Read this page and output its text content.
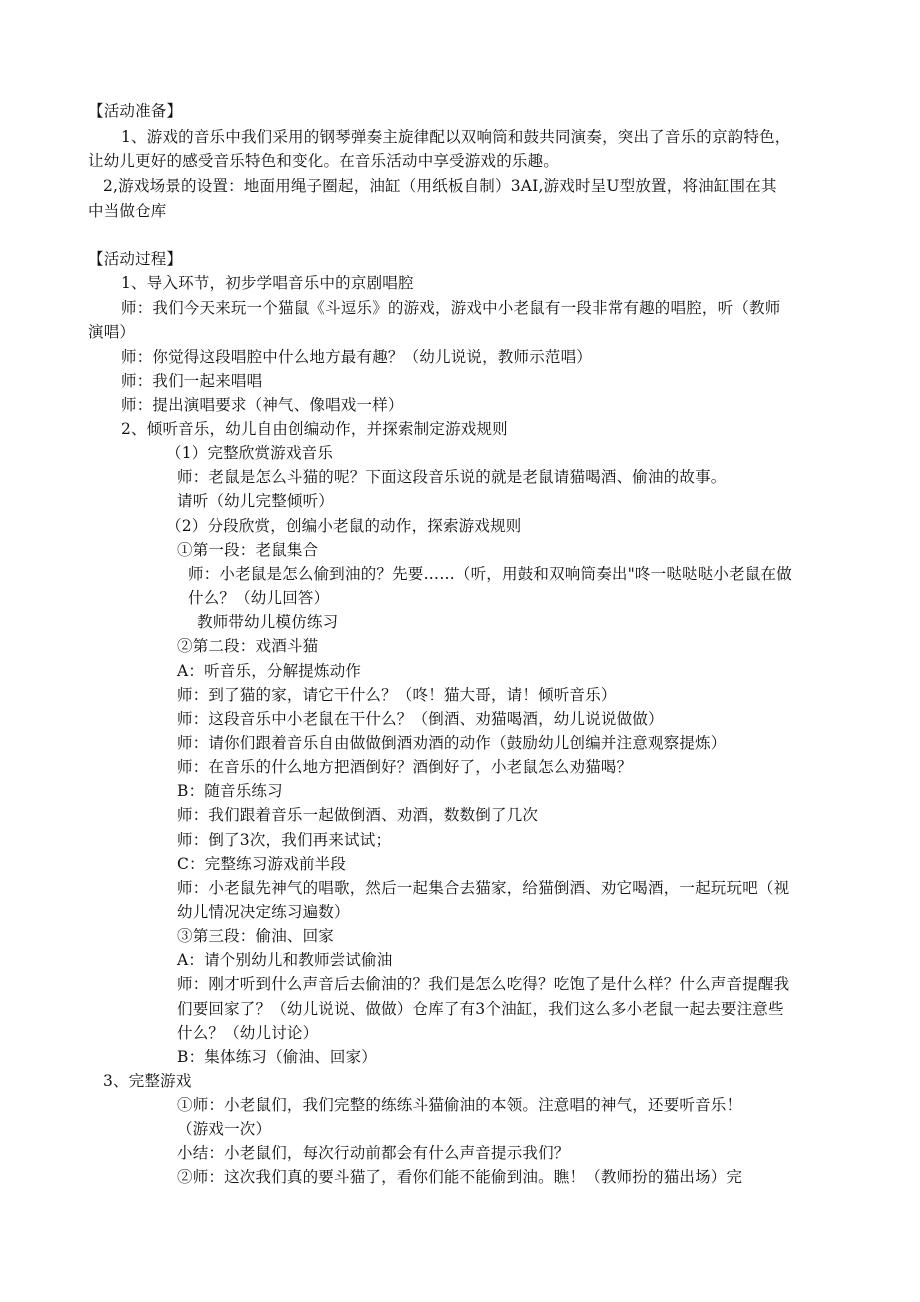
【活动准备】
1、游戏的音乐中我们采用的钢琴弹奏主旋律配以双响筒和鼓共同演奏，突出了音乐的京韵特色，
让幼儿更好的感受音乐特色和变化。在音乐活动中享受游戏的乐趣。
2,游戏场景的设置：地面用绳子圈起，油缸（用纸板自制）3AI,游戏时呈U型放置，将油缸围在其
中当做仓库
【活动过程】
1、导入环节，初步学唱音乐中的京剧唱腔
师：我们今天来玩一个猫鼠《斗逗乐》的游戏，游戏中小老鼠有一段非常有趣的唱腔，听（教师
演唱）
师：你觉得这段唱腔中什么地方最有趣？（幼儿说说，教师示范唱）
师：我们一起来唱唱
师：提出演唱要求（神气、像唱戏一样）
2、倾听音乐，幼儿自由创编动作，并探索制定游戏规则
（1）完整欣赏游戏音乐
师：老鼠是怎么斗猫的呢？下面这段音乐说的就是老鼠请猫喝酒、偷油的故事。
请听（幼儿完整倾听）
（2）分段欣赏，创编小老鼠的动作，探索游戏规则
①第一段：老鼠集合
师：小老鼠是怎么偷到油的？先要……（听，用鼓和双响筒奏出"咚一哒哒哒小老鼠在做
什么？（幼儿回答）
教师带幼儿模仿练习
②第二段：戏酒斗猫
A：听音乐，分解提炼动作
师：到了猫的家，请它干什么？（咚！猫大哥，请！倾听音乐）
师：这段音乐中小老鼠在干什么？（倒酒、劝猫喝酒，幼儿说说做做）
师：请你们跟着音乐自由做做倒酒劝酒的动作（鼓励幼儿创编并注意观察提炼）
师：在音乐的什么地方把酒倒好？酒倒好了，小老鼠怎么劝猫喝？
B：随音乐练习
师：我们跟着音乐一起做倒酒、劝酒，数数倒了几次
师：倒了3次，我们再来试试；
C：完整练习游戏前半段
师：小老鼠先神气的唱歌，然后一起集合去猫家，给猫倒酒、劝它喝酒，一起玩玩吧（视
幼儿情况决定练习遍数）
③第三段：偷油、回家
A：请个别幼儿和教师尝试偷油
师：刚才听到什么声音后去偷油的？我们是怎么吃得？吃饱了是什么样？什么声音提醒我
们要回家了？（幼儿说说、做做）仓库了有3个油缸，我们这么多小老鼠一起去要注意些
什么？（幼儿讨论）
B：集体练习（偷油、回家）
3、完整游戏
①师：小老鼠们，我们完整的练练斗猫偷油的本领。注意唱的神气，还要听音乐！
（游戏一次）
小结：小老鼠们，每次行动前都会有什么声音提示我们？
②师：这次我们真的要斗猫了，看你们能不能偷到油。瞧！（教师扮的猫出场）完
